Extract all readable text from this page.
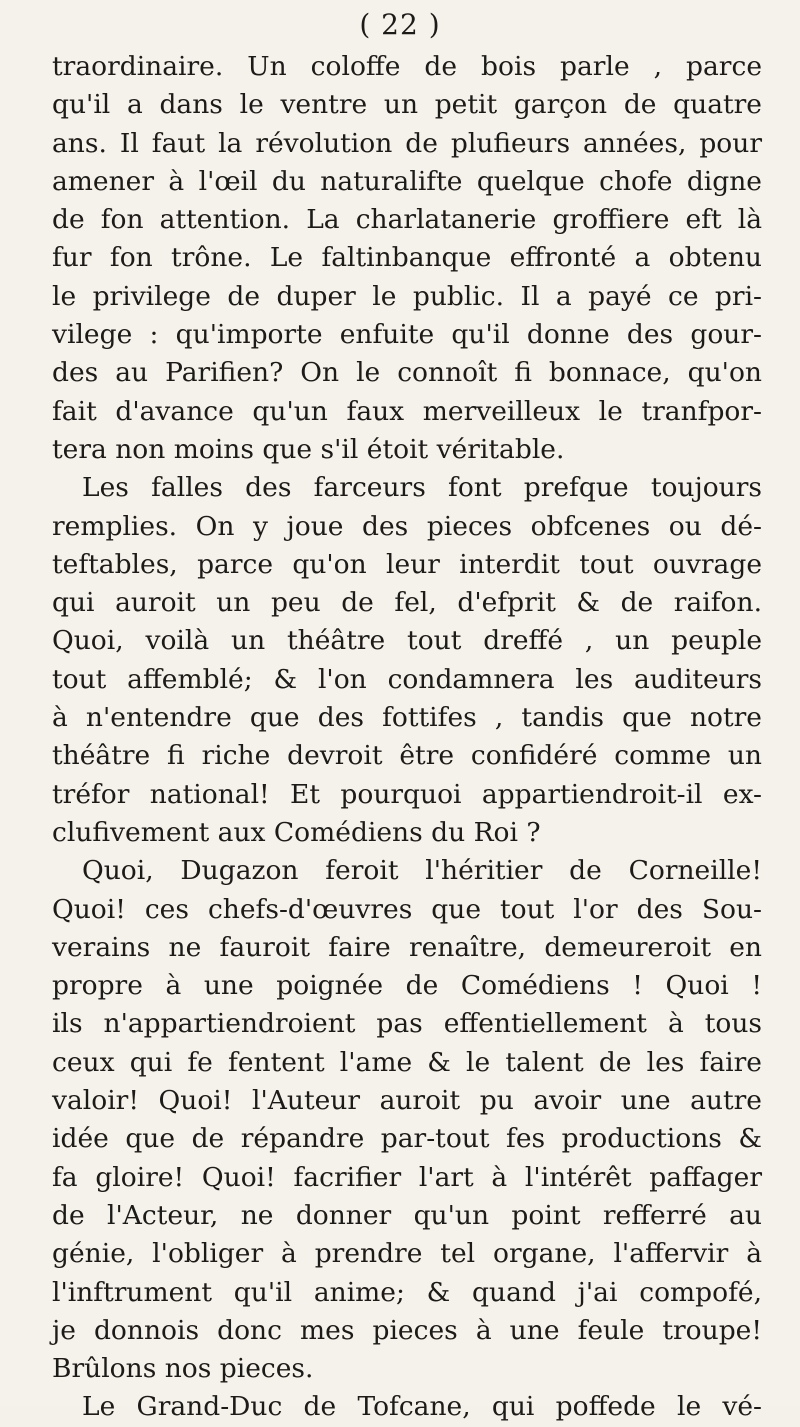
( 22 )
traordinaire. Un coloffe de bois parle , parce
qu'il a dans le ventre un petit garçon de quatre
ans. Il faut la révolution de plufieurs années, pour
amener à l'œil du naturalifte quelque chofe digne
de fon attention. La charlatanerie groffiere eft là
fur fon trône. Le faltinbanque effronté a obtenu
le privilege de duper le public. Il a payé ce pri-
vilege : qu'importe enfuite qu'il donne des gour-
des au Parifien? On le connoît fi bonnace, qu'on
fait d'avance qu'un faux merveilleux le tranfpor-
tera non moins que s'il étoit véritable.
Les falles des farceurs font prefque toujours
remplies. On y joue des pieces obfcenes ou dé-
teftables, parce qu'on leur interdit tout ouvrage
qui auroit un peu de fel, d'efprit & de raifon.
Quoi, voilà un théâtre tout dreffé , un peuple
tout affemblé; & l'on condamnera les auditeurs
à n'entendre que des fottifes , tandis que notre
théâtre fi riche devroit être confidéré comme un
tréfor national! Et pourquoi appartiendroit-il ex-
clufivement aux Comédiens du Roi ?
Quoi, Dugazon feroit l'héritier de Corneille!
Quoi! ces chefs-d'œuvres que tout l'or des Sou-
verains ne fauroit faire renaître, demeureroit en
propre à une poignée de Comédiens ! Quoi !
ils n'appartiendroient pas effentiellement à tous
ceux qui fe fentent l'ame & le talent de les faire
valoir! Quoi! l'Auteur auroit pu avoir une autre
idée que de répandre par-tout fes productions &
fa gloire! Quoi! facrifier l'art à l'intérêt paffager
de l'Acteur, ne donner qu'un point refferré au
génie, l'obliger à prendre tel organe, l'affervir à
l'inftrument qu'il anime; & quand j'ai compofé,
je donnois donc mes pieces à une feule troupe!
Brûlons nos pieces.
Le Grand-Duc de Tofcane, qui poffede le vé-
